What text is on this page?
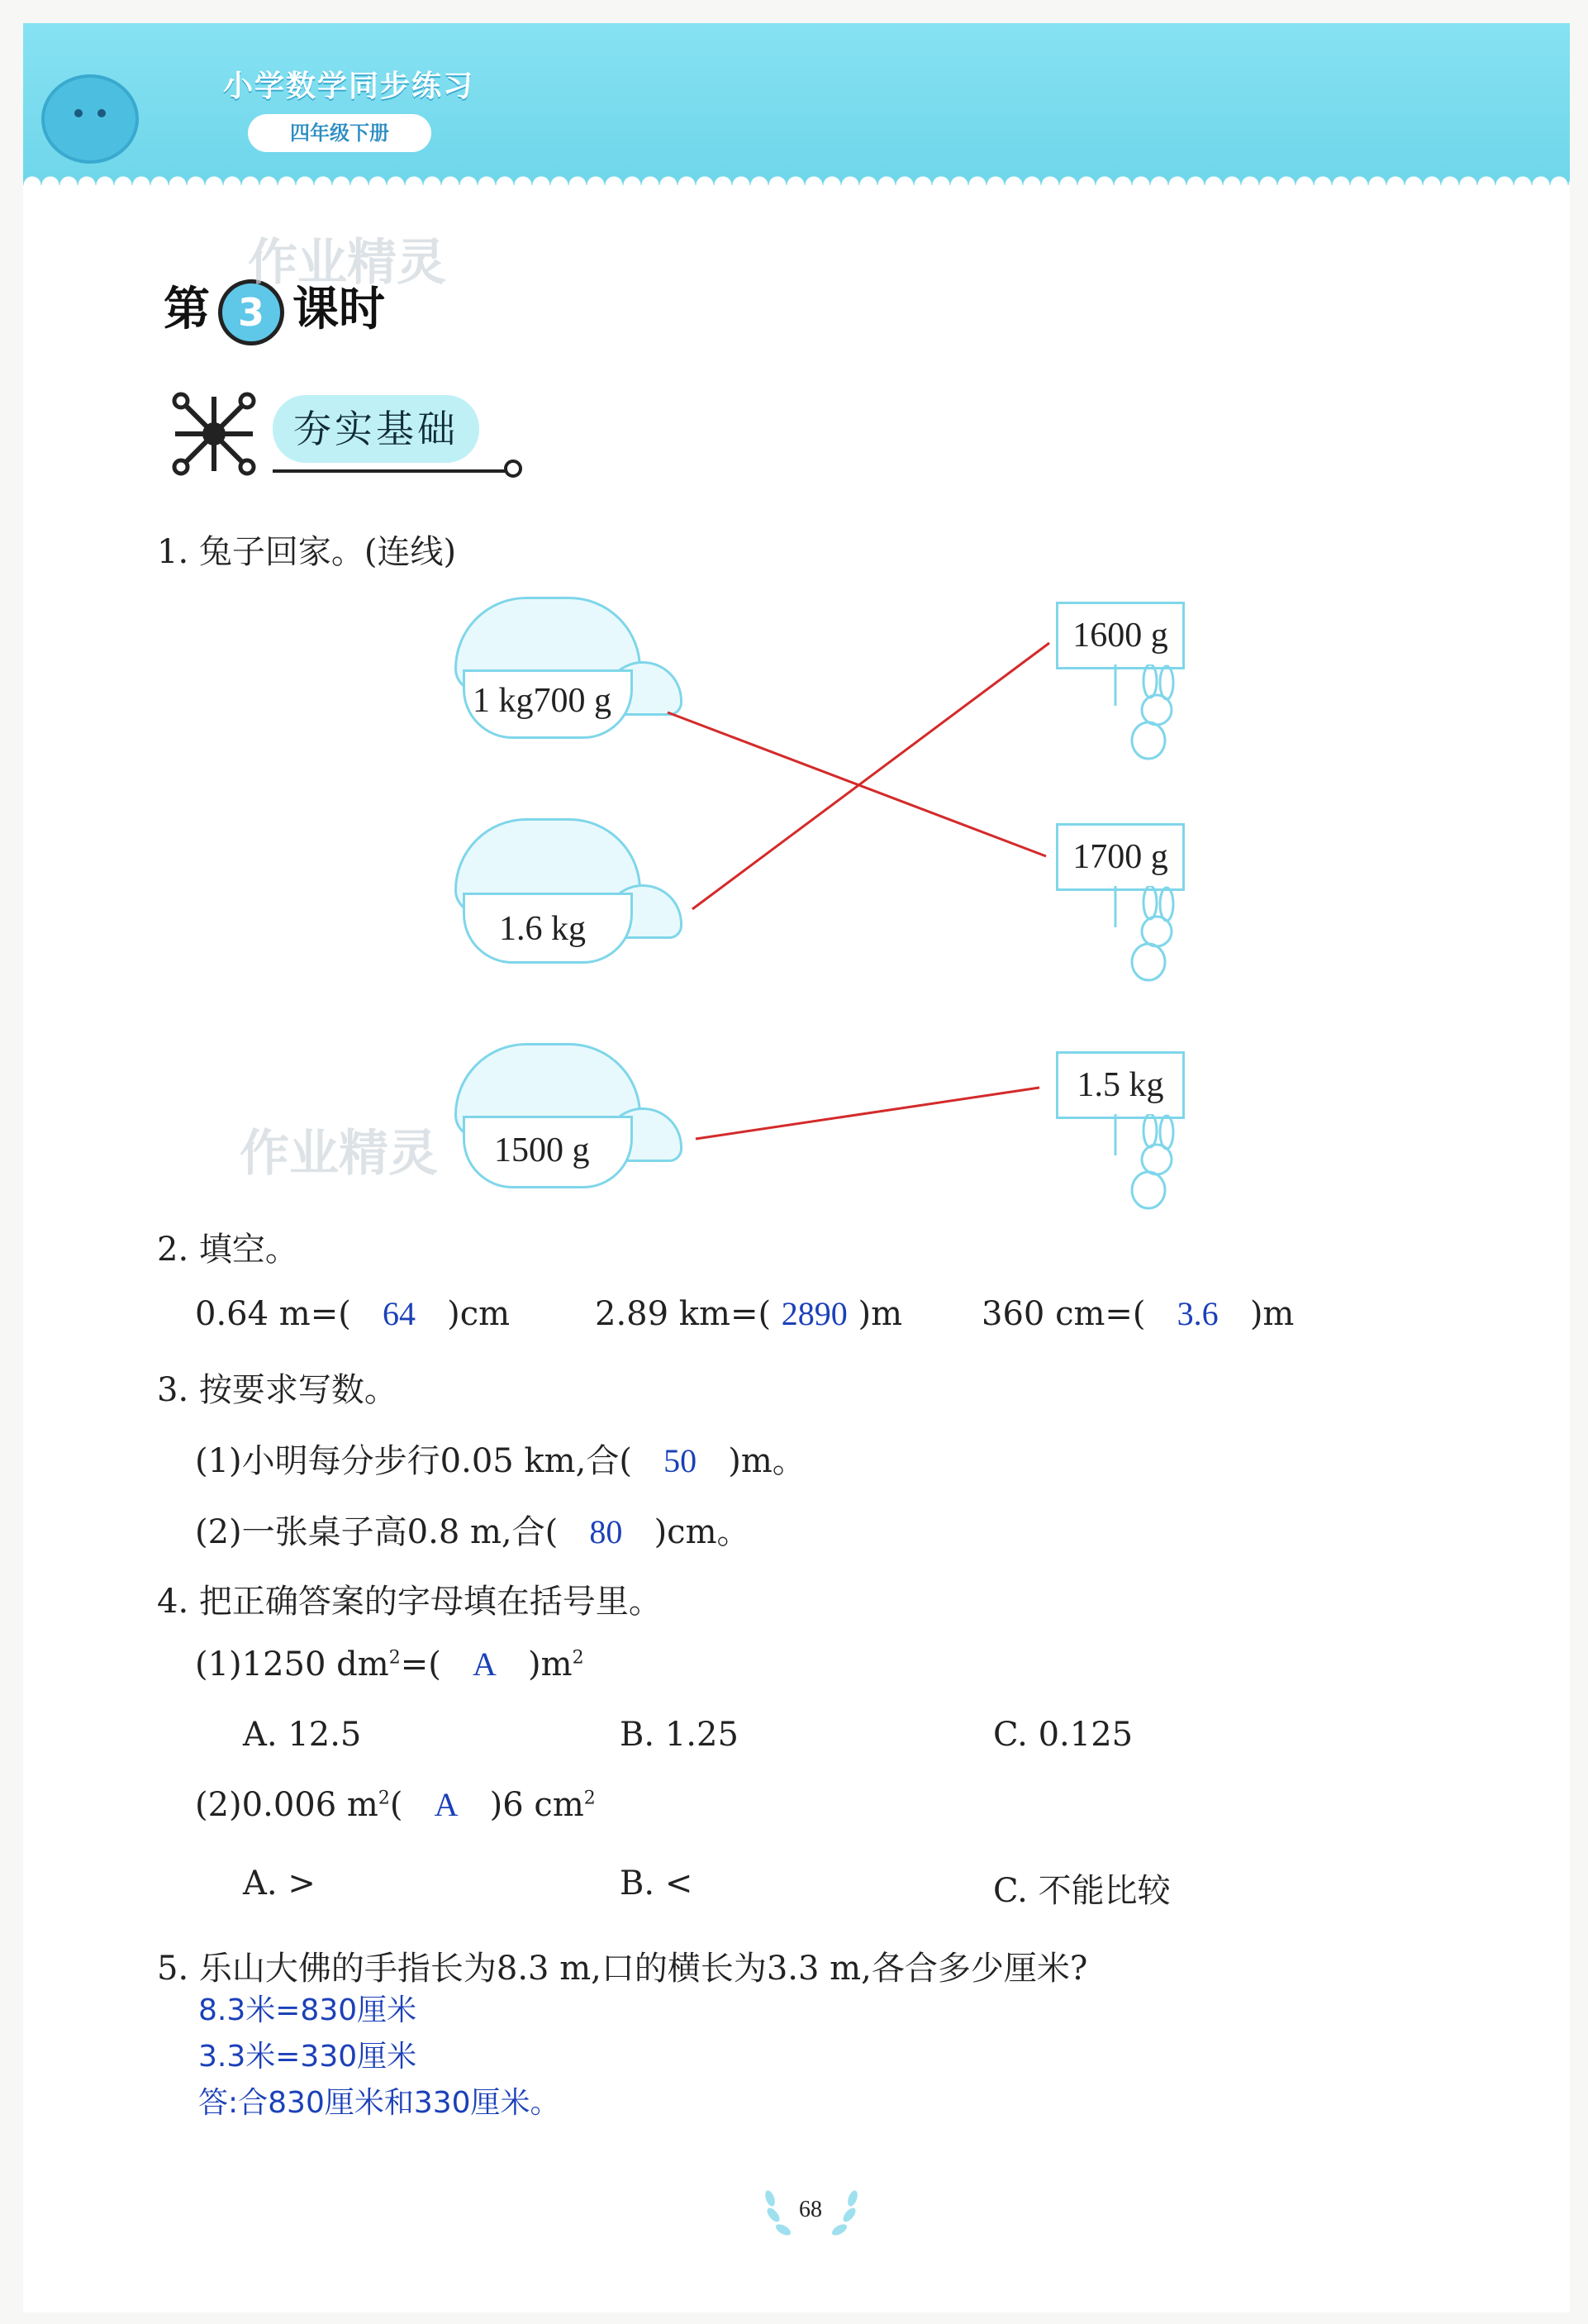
小学数学同步练习
四年级下册
第 3 课时
作业精灵
夯实基础
1. 兔子回家。(连线)
1 kg700 g
1.6 kg
1500 g
作业精灵
1600 g
1700 g
1.5 kg
2. 填空。
0.64 m=( 64 )cm	2.89 km=( 2890 )m 360 cm=( 3.6 )m
3. 按要求写数。
(1)小明每分步行0.05 km,合( 50 )m。
(2)一张桌子高0.8 m,合( 80 )cm。
4. 把正确答案的字母填在括号里。
(1)1250 $dm^2=$( A )$m^2$
A. 12.5	B. 1.25	C. 0.125
(2)0.006 $m^2$( A )6 $cm^2$
A. >	B. <	C. 不能比较
5. 乐山大佛的手指长为8.3 m,口的横长为3.3 m,各合多少厘米?
8.3米=830厘米
3.3米=330厘米
答:合830厘米和330厘米。
68
